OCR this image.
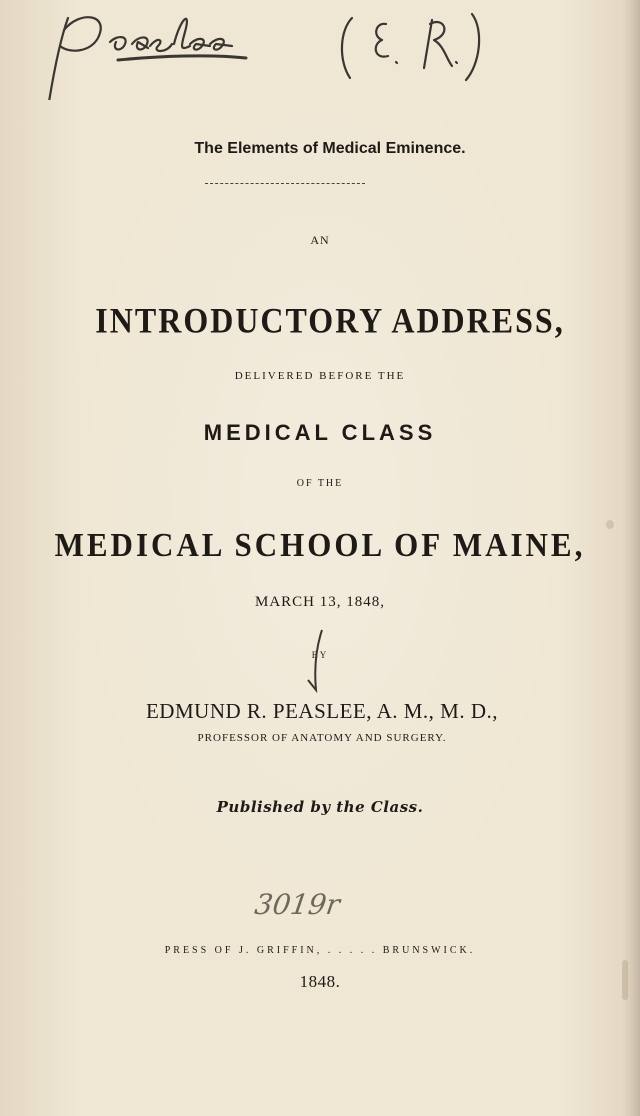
The Elements of Medical Eminence.
AN
INTRODUCTORY ADDRESS,
DELIVERED BEFORE THE
MEDICAL CLASS
OF THE
MEDICAL SCHOOL OF MAINE,
MARCH 13, 1848,
BY
EDMUND R. PEASLEE, A. M., M. D.,
PROFESSOR OF ANATOMY AND SURGERY.
Published by the Class.
3019r
PRESS OF J. GRIFFIN, . . . . . BRUNSWICK.
1848.
